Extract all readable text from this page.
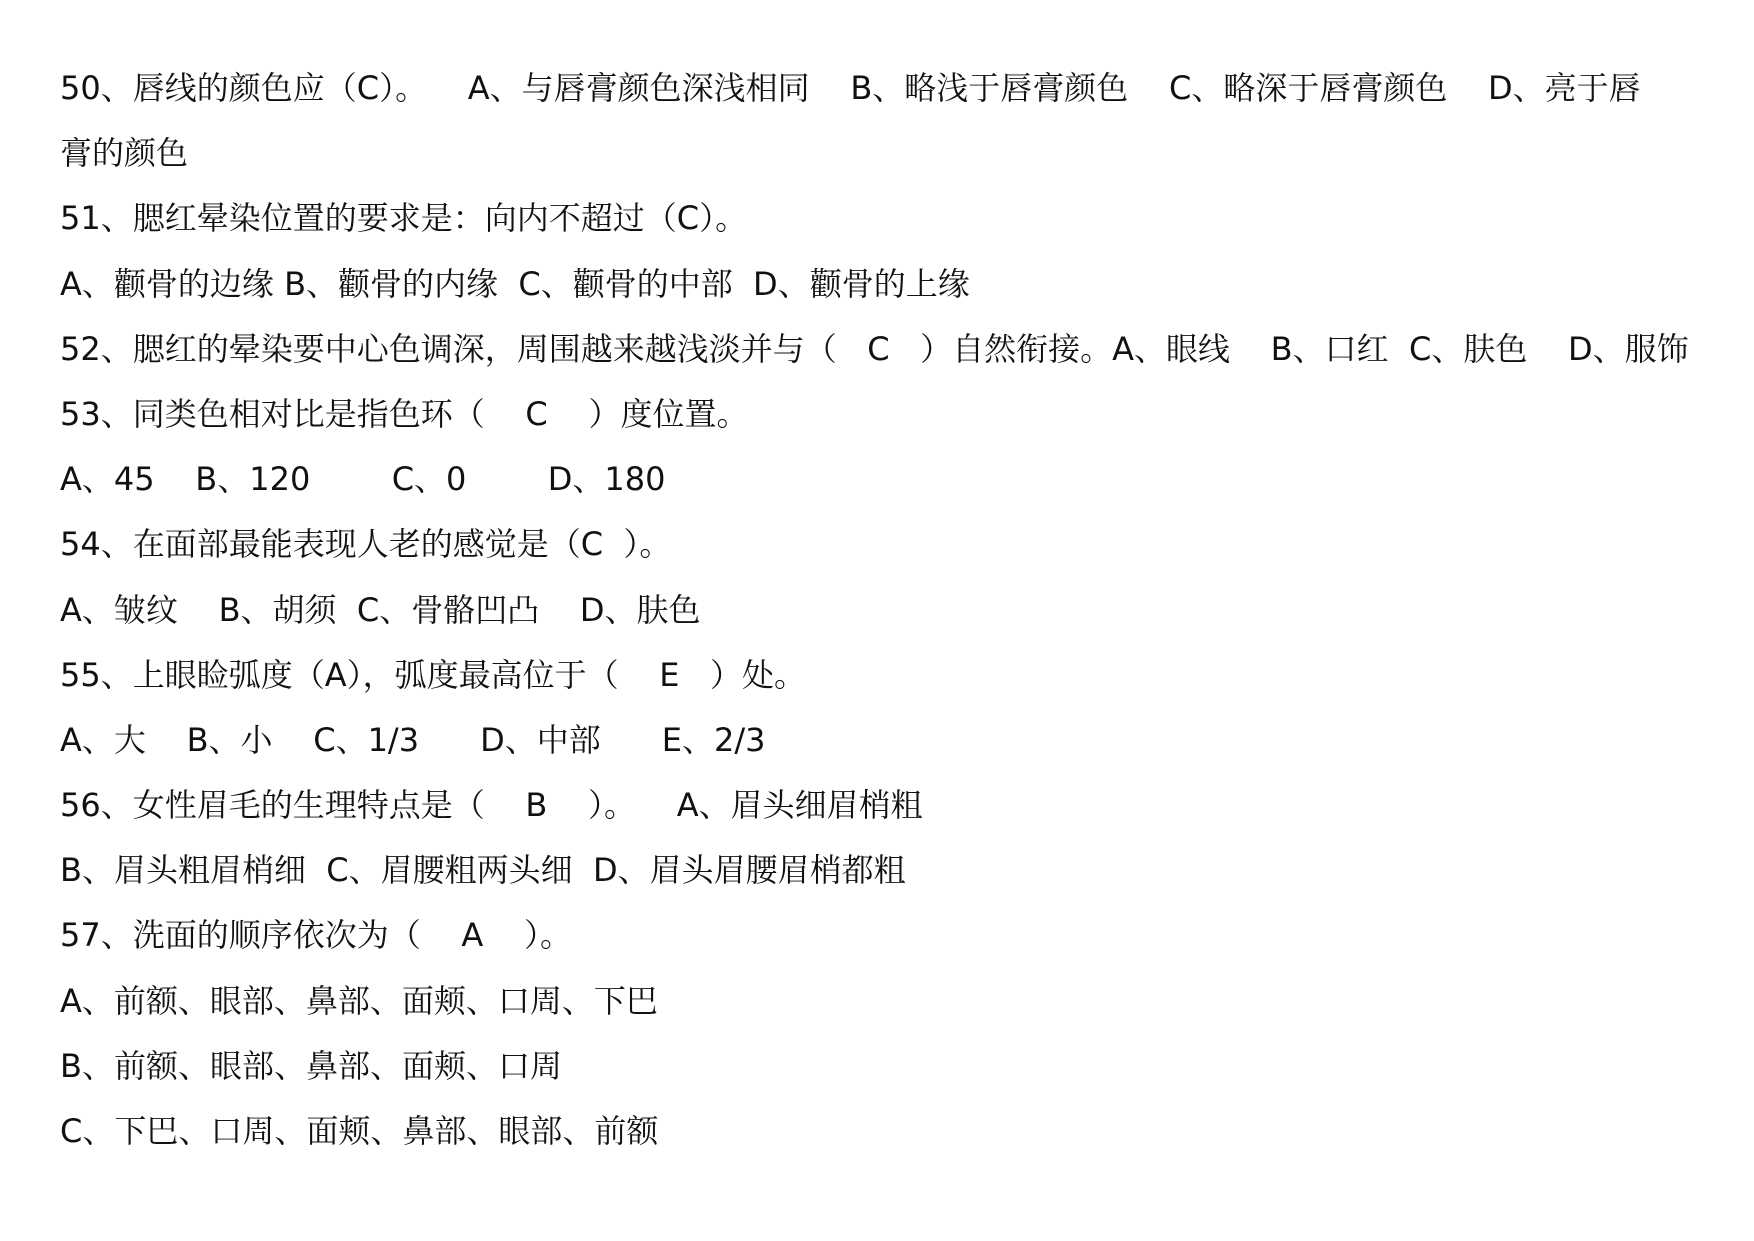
50、唇线的颜色应（C）。    A、与唇膏颜色深浅相同    B、略浅于唇膏颜色    C、略深于唇膏颜色    D、亮于唇
膏的颜色
51、腮红晕染位置的要求是：向内不超过（C）。
A、颧骨的边缘 B、颧骨的内缘  C、颧骨的中部  D、颧骨的上缘
52、腮红的晕染要中心色调深，周围越来越浅淡并与（   C   ）自然衔接。A、眼线    B、口红  C、肤色    D、服饰
53、同类色相对比是指色环（    C    ）度位置。
A、45    B、120        C、0        D、180
54、在面部最能表现人老的感觉是（C  ）。
A、皱纹    B、胡须  C、骨骼凹凸    D、肤色
55、上眼睑弧度（A），弧度最高位于（    E   ）处。
A、大    B、小    C、1/3      D、中部      E、2/3
56、女性眉毛的生理特点是（    B    ）。    A、眉头细眉梢粗
B、眉头粗眉梢细  C、眉腰粗两头细  D、眉头眉腰眉梢都粗
57、洗面的顺序依次为（    A    ）。
A、前额、眼部、鼻部、面颊、口周、下巴
B、前额、眼部、鼻部、面颊、口周
C、下巴、口周、面颊、鼻部、眼部、前额
